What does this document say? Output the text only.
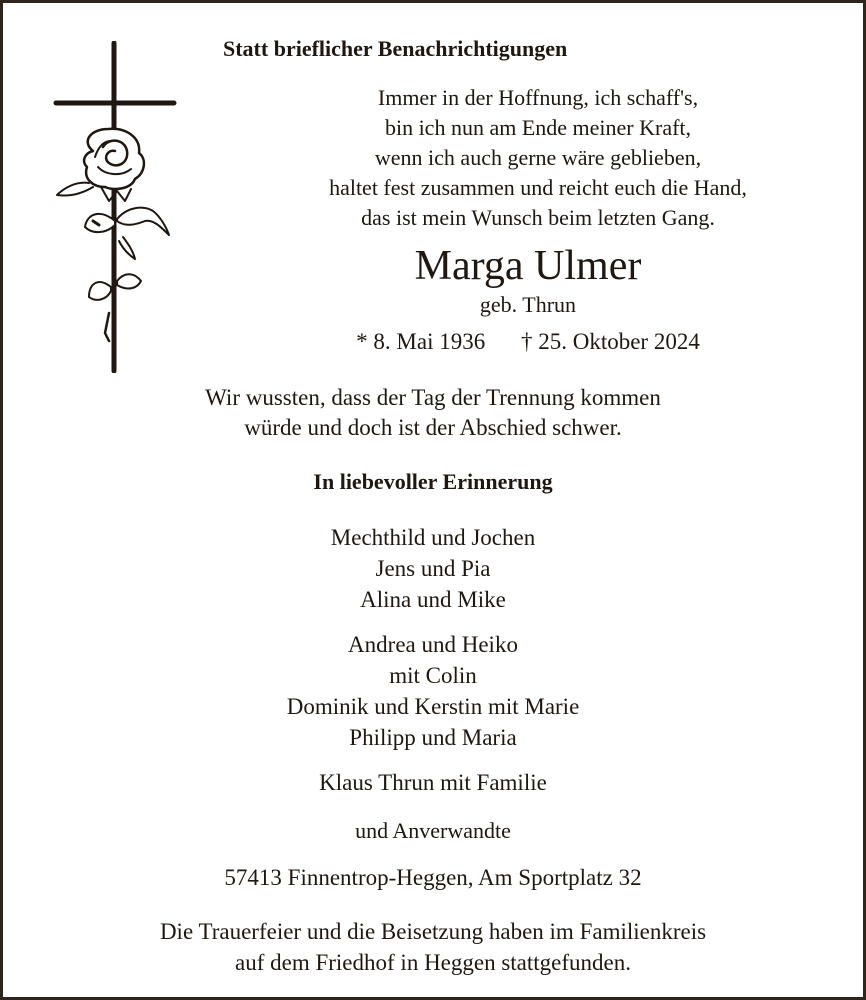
Statt brieflicher Benachrichtigungen
Immer in der Hoffnung, ich schaff's,
bin ich nun am Ende meiner Kraft,
wenn ich auch gerne wäre geblieben,
haltet fest zusammen und reicht euch die Hand,
das ist mein Wunsch beim letzten Gang.
Marga Ulmer
geb. Thrun
* 8. Mai 1936 † 25. Oktober 2024
Wir wussten, dass der Tag der Trennung kommen
würde und doch ist der Abschied schwer.
In liebevoller Erinnerung
Mechthild und Jochen
Jens und Pia
Alina und Mike
Andrea und Heiko
mit Colin
Dominik und Kerstin mit Marie
Philipp und Maria
Klaus Thrun mit Familie
und Anverwandte
57413 Finnentrop-Heggen, Am Sportplatz 32
Die Trauerfeier und die Beisetzung haben im Familienkreis
auf dem Friedhof in Heggen stattgefunden.
